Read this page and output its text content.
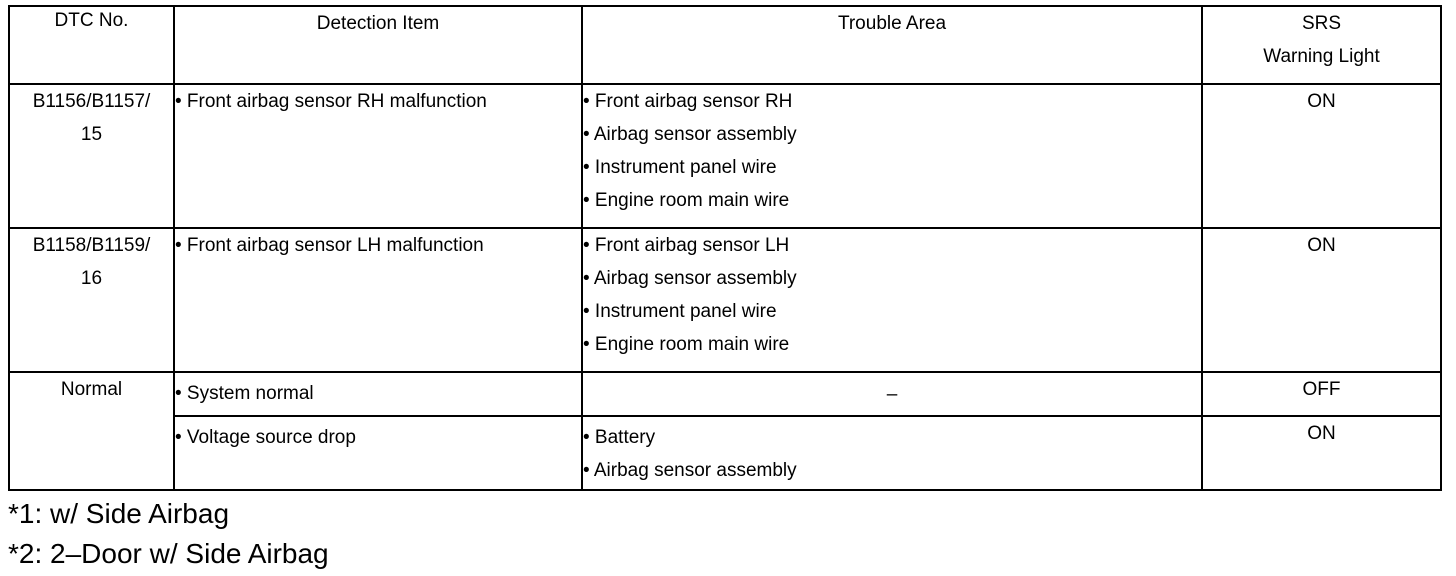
DTC No.	Detection Item	Trouble Area	SRS
Warning Light

B1156/B1157/
15	• Front airbag sensor RH malfunction	• Front airbag sensor RH
• Airbag sensor assembly
• Instrument panel wire
• Engine room main wire	ON

B1158/B1159/
16	• Front airbag sensor LH malfunction	• Front airbag sensor LH
• Airbag sensor assembly
• Instrument panel wire
• Engine room main wire	ON
Normal	• System normal	–	OFF

	• Voltage source drop	• Battery
• Airbag sensor assembly	ON
*1: w/ Side Airbag
*2: 2–Door w/ Side Airbag
